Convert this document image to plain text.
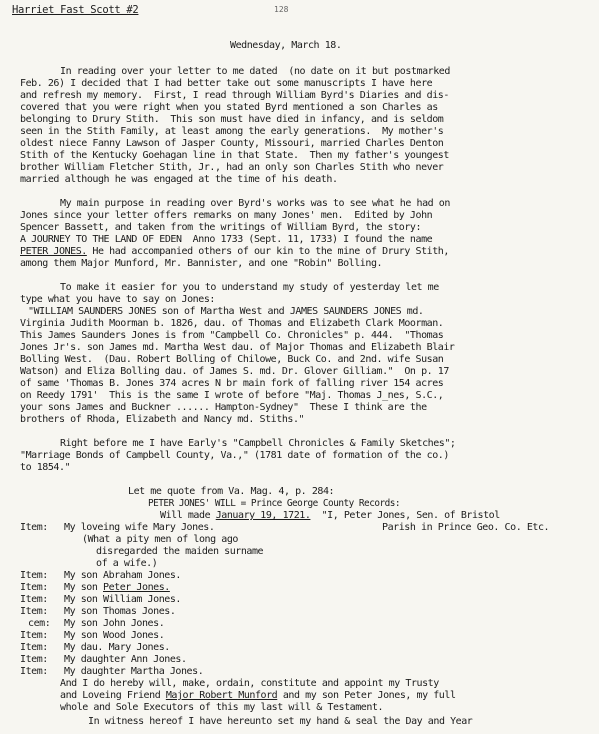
Harriet Fast Scott #2	128
Wednesday, March 18.
In reading over your letter to me dated  (no date on it but postmarked
Feb. 26) I decided that I had better take out some manuscripts I have here
and refresh my memory.  First, I read through William Byrd's Diaries and dis-
covered that you were right when you stated Byrd mentioned a son Charles as
belonging to Drury Stith.  This son must have died in infancy, and is seldom
seen in the Stith Family, at least among the early generations.  My mother's
oldest niece Fanny Lawson of Jasper County, Missouri, married Charles Denton
Stith of the Kentucky Goehagan line in that State.  Then my father's youngest
brother William Fletcher Stith, Jr., had an only son Charles Stith who never
married although he was engaged at the time of his death.
My main purpose in reading over Byrd's works was to see what he had on
Jones since your letter offers remarks on many Jones' men.  Edited by John
Spencer Bassett, and taken from the writings of William Byrd, the story:
A JOURNEY TO THE LAND OF EDEN  Anno 1733 (Sept. 11, 1733) I found the name
PETER JONES. He had accompanied others of our kin to the mine of Drury Stith,
among them Major Munford, Mr. Bannister, and one "Robin" Bolling.
To make it easier for you to understand my study of yesterday let me
type what you have to say on Jones:
"WILLIAM SAUNDERS JONES son of Martha West and JAMES SAUNDERS JONES md.
Virginia Judith Moorman b. 1826, dau. of Thomas and Elizabeth Clark Moorman.
This James Saunders Jones is from "Campbell Co. Chronicles" p. 444.  "Thomas
Jones Jr's. son James md. Martha West dau. of Major Thomas and Elizabeth Blair
Bolling West.  (Dau. Robert Bolling of Chilowe, Buck Co. and 2nd. wife Susan
Watson) and Eliza Bolling dau. of James S. md. Dr. Glover Gilliam."  On p. 17
of same 'Thomas B. Jones 374 acres N br main fork of falling river 154 acres
on Reedy 1791'  This is the same I wrote of before "Maj. Thomas J_nes, S.C.,
your sons James and Buckner ...... Hampton-Sydney"  These I think are the
brothers of Rhoda, Elizabeth and Nancy md. Stiths."
Right before me I have Early's "Campbell Chronicles & Family Sketches";
"Marriage Bonds of Campbell County, Va.," (1781 date of formation of the co.)
to 1854."
Let me quote from Va. Mag. 4, p. 284:
PETER JONES' WILL = Prince George County Records:
Will made January 19, 1721.  "I, Peter Jones, Sen. of Bristol
Parish in Prince Geo. Co. Etc.
Item: My loveing wife Mary Jones.
(What a pity men of long ago
disregarded the maiden surname
of a wife.)
Item: My son Abraham Jones.
Item: My son Peter Jones.
Item: My son William Jones.
Item: My son Thomas Jones.
cem: My son John Jones.
Item: My son Wood Jones.
Item: My dau. Mary Jones.
Item: My daughter Ann Jones.
Item: My daughter Martha Jones.
And I do hereby will, make, ordain, constitute and appoint my Trusty
and Loveing Friend Major Robert Munford and my son Peter Jones, my full
whole and Sole Executors of this my last will & Testament.
In witness hereof I have hereunto set my hand & seal the Day and Year
